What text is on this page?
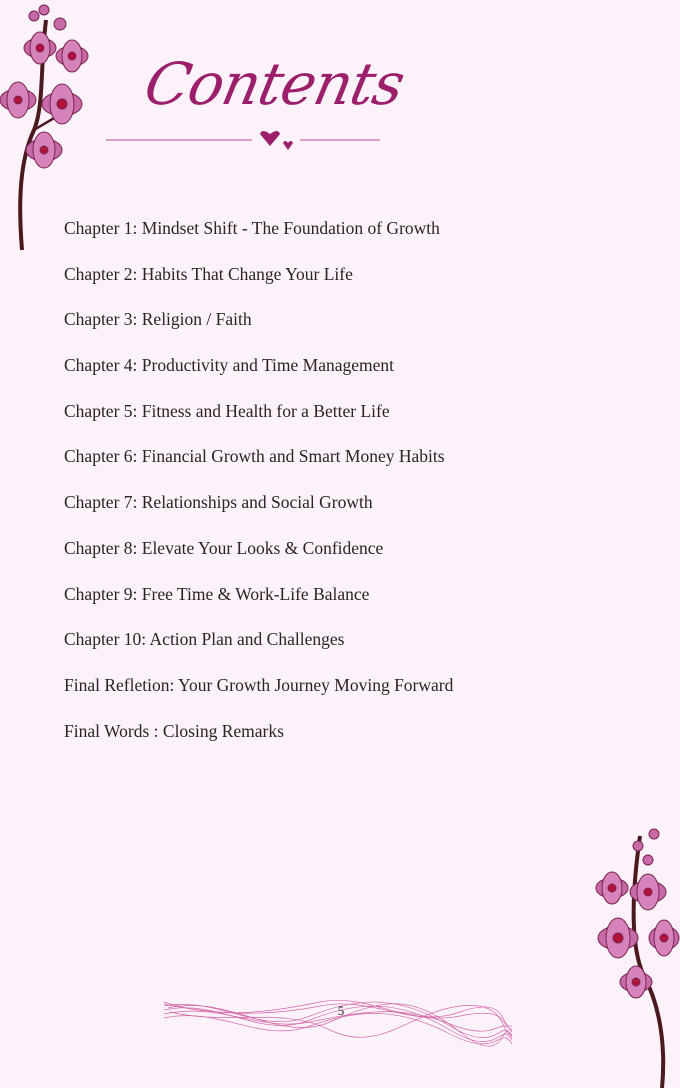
Contents
Chapter 1: Mindset Shift - The Foundation of Growth
Chapter 2: Habits That Change Your Life
Chapter 3: Religion / Faith
Chapter 4: Productivity and Time Management
Chapter 5: Fitness and Health for a Better Life
Chapter 6: Financial Growth and Smart Money Habits
Chapter 7: Relationships and Social Growth
Chapter 8: Elevate Your Looks & Confidence
Chapter 9: Free Time & Work-Life Balance
Chapter 10: Action Plan and Challenges
Final Refletion: Your Growth Journey Moving Forward
Final Words : Closing Remarks
5
